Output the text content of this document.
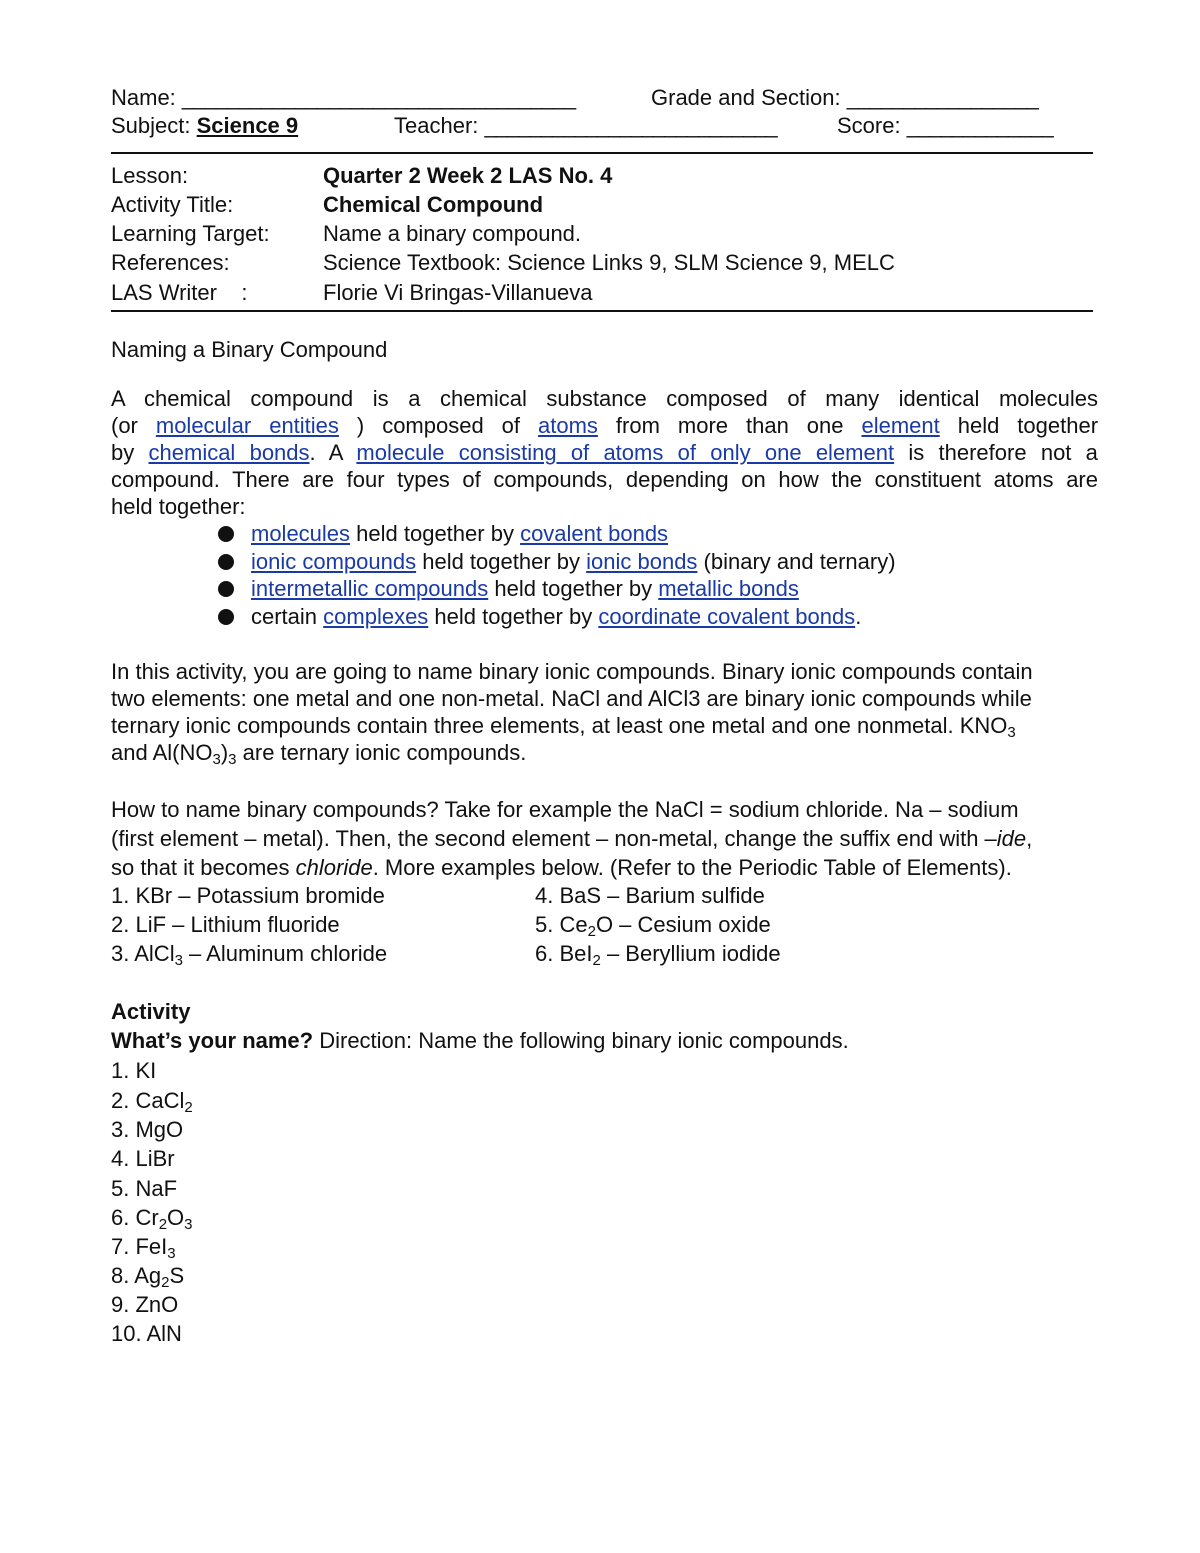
Name: ___________________________________	Grade and Section: _________________
Subject: Science 9	Teacher: __________________________	Score: _____________
Lesson:	Quarter 2 Week 2 LAS No. 4
Activity Title:	Chemical Compound
Learning Target: Name a binary compound.
References:	Science Textbook: Science Links 9, SLM Science 9, MELC
LAS Writer    :	Florie Vi Bringas-Villanueva
Naming a Binary Compound
A chemical compound is a chemical substance composed of many identical molecules
(or molecular entities ) composed of atoms from more than one element held together
by chemical bonds. A molecule consisting of atoms of only one element is therefore not a
compound. There are four types of compounds, depending on how the constituent atoms are
held together:
molecules held together by covalent bonds
ionic compounds held together by ionic bonds (binary and ternary)
intermetallic compounds held together by metallic bonds
certain complexes held together by coordinate covalent bonds.
In this activity, you are going to name binary ionic compounds. Binary ionic compounds contain
two elements: one metal and one non-metal. NaCl and AlCl3 are binary ionic compounds while
ternary ionic compounds contain three elements, at least one metal and one nonmetal. $KNO_3$
and $Al(NO_3)_3$ are ternary ionic compounds.
How to name binary compounds? Take for example the NaCl = sodium chloride. Na – sodium
(first element – metal). Then, the second element – non-metal, change the suffix end with –ide,
so that it becomes chloride. More examples below. (Refer to the Periodic Table of Elements).
1. KBr – Potassium bromide
2. LiF – Lithium fluoride
3. AlCl$_3$ – Aluminum chloride
4. BaS – Barium sulfide
5. $Ce_2O$ – Cesium oxide
6. BeI$_2$ – Beryllium iodide
Activity
What’s your name? Direction: Name the following binary ionic compounds.
1. KI
2. CaCl$_2$
3. MgO
4. LiBr
5. NaF
6. $Cr_2O_3$
7. FeI$_3$
8. $Ag_2S$
9. ZnO
10. AlN
